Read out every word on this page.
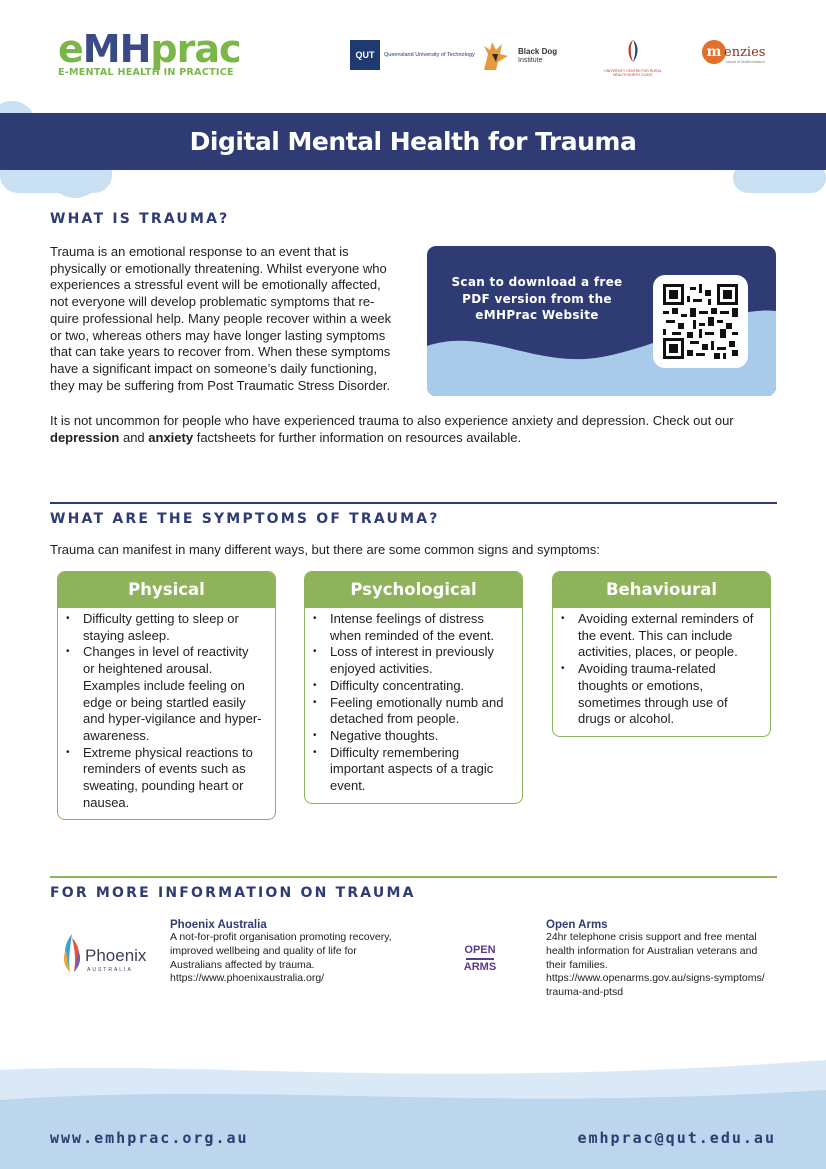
eMHprac
E-MENTAL HEALTH IN PRACTICE
QUT	Queensland University of Technology	Black Dog
Institute
UNIVERSITY CENTRE FOR RURAL HEALTH NORTH COAST
m enzies
school of health research
Digital Mental Health for Trauma
WHAT IS TRAUMA?
Trauma is an emotional response to an event that is
physically or emotionally threatening. Whilst everyone who
experiences a stressful event will be emotionally affected,
not everyone will develop problematic symptoms that re-
quire professional help. Many people recover within a week
or two, whereas others may have longer lasting symptoms
that can take years to recover from. When these symptoms
have a significant impact on someone’s daily functioning,
they may be suffering from Post Traumatic Stress Disorder.
Scan to download a free PDF version from the eMHPrac Website
It is not uncommon for people who have experienced trauma to also experience anxiety and depression. Check out our
depression and anxiety factsheets for further information on resources available.
WHAT ARE THE SYMPTOMS OF TRAUMA?
Trauma can manifest in many different ways, but there are some common signs and symptoms:
Physical
• Difficulty getting to sleep or staying asleep.
• Changes in level of reactivity or heightened arousal. Examples include feeling on edge or being startled easily and hyper-vigilance and hyper-awareness.
• Extreme physical reactions to reminders of events such as sweating, pounding heart or nausea.
Psychological
• Intense feelings of distress when reminded of the event.
• Loss of interest in previously enjoyed activities.
• Difficulty concentrating.
• Feeling emotionally numb and detached from people.
• Negative thoughts.
• Difficulty remembering important aspects of a tragic event.
Behavioural
• Avoiding external reminders of the event. This can include activities, places, or people.
• Avoiding trauma-related thoughts or emotions, sometimes through use of drugs or alcohol.
FOR MORE INFORMATION ON TRAUMA
Phoenix
AUSTRALIA
Phoenix Australia
A not-for-profit organisation promoting recovery,
improved wellbeing and quality of life for
Australians affected by trauma.
https://www.phoenixaustralia.org/
OPEN
ARMS
Open Arms
24hr telephone crisis support and free mental
health information for Australian veterans and
their families.
https://www.openarms.gov.au/signs-symptoms/
trauma-and-ptsd
www.emhprac.org.au	emhprac@qut.edu.au
